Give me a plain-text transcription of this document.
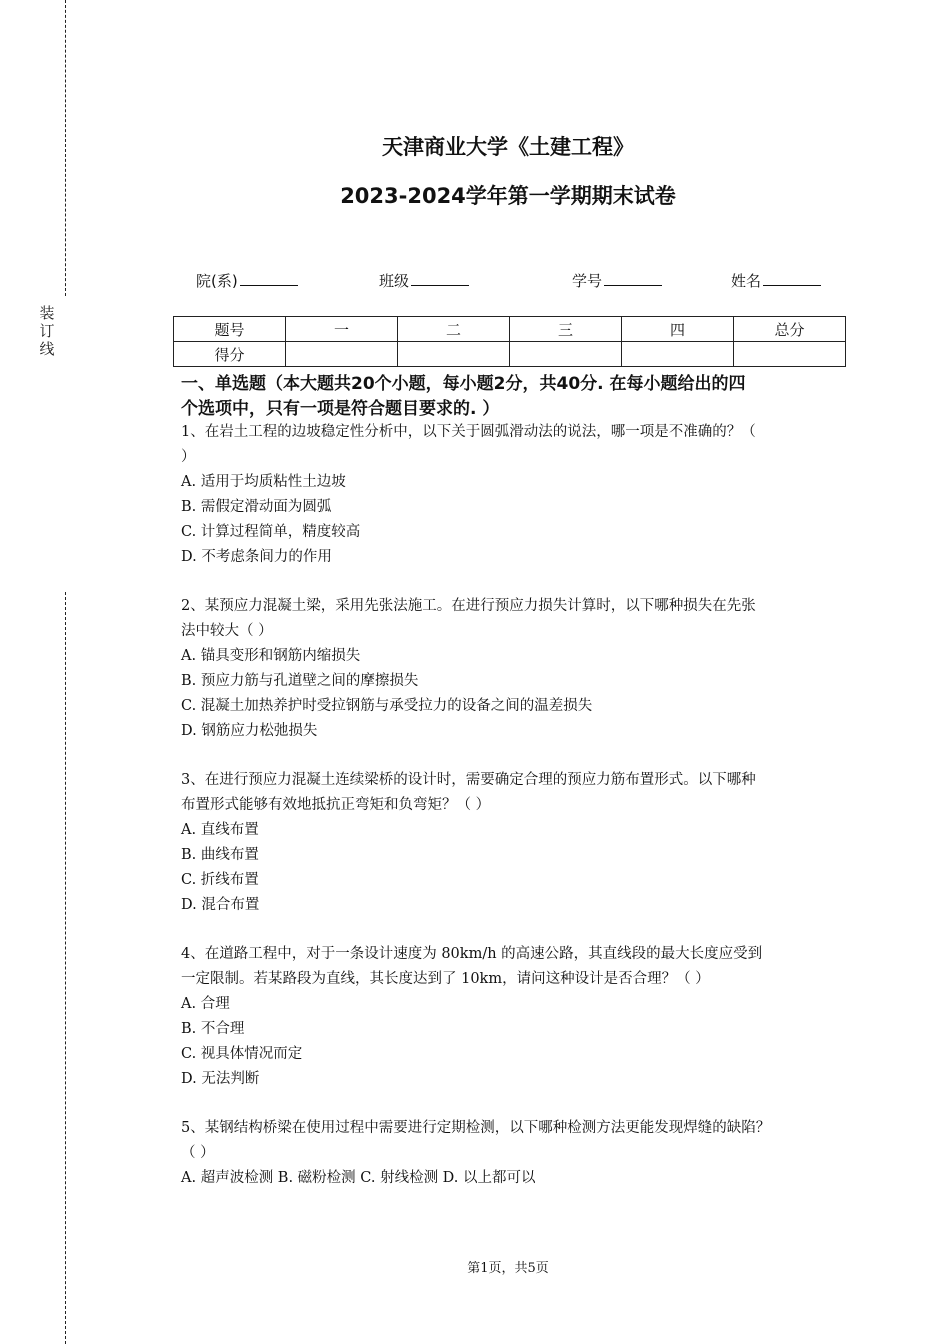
装
订
线
天津商业大学《土建工程》
2023-2024学年第一学期期末试卷
院(系)	班级	学号	姓名
题号	一	二	三	四	总分
得分					
一、单选题（本大题共20个小题，每小题2分，共40分. 在每小题给出的四
个选项中，只有一项是符合题目要求的. ）

1、在岩土工程的边坡稳定性分析中，以下关于圆弧滑动法的说法，哪一项是不准确的？（

）

A. 适用于均质粘性土边坡

B. 需假定滑动面为圆弧

C. 计算过程简单，精度较高

D. 不考虑条间力的作用

2、某预应力混凝土梁，采用先张法施工。在进行预应力损失计算时，以下哪种损失在先张

法中较大（ ）

A. 锚具变形和钢筋内缩损失

B. 预应力筋与孔道壁之间的摩擦损失

C. 混凝土加热养护时受拉钢筋与承受拉力的设备之间的温差损失

D. 钢筋应力松弛损失

3、在进行预应力混凝土连续梁桥的设计时，需要确定合理的预应力筋布置形式。以下哪种

布置形式能够有效地抵抗正弯矩和负弯矩？（ ）

A. 直线布置

B. 曲线布置

C. 折线布置

D. 混合布置

4、在道路工程中，对于一条设计速度为 80km/h 的高速公路，其直线段的最大长度应受到

一定限制。若某路段为直线，其长度达到了 10km，请问这种设计是否合理？（ ）

A. 合理

B. 不合理

C. 视具体情况而定

D. 无法判断

5、某钢结构桥梁在使用过程中需要进行定期检测，以下哪种检测方法更能发现焊缝的缺陷？

（ ）

A. 超声波检测 B. 磁粉检测 C. 射线检测 D. 以上都可以

第1页，共5页
